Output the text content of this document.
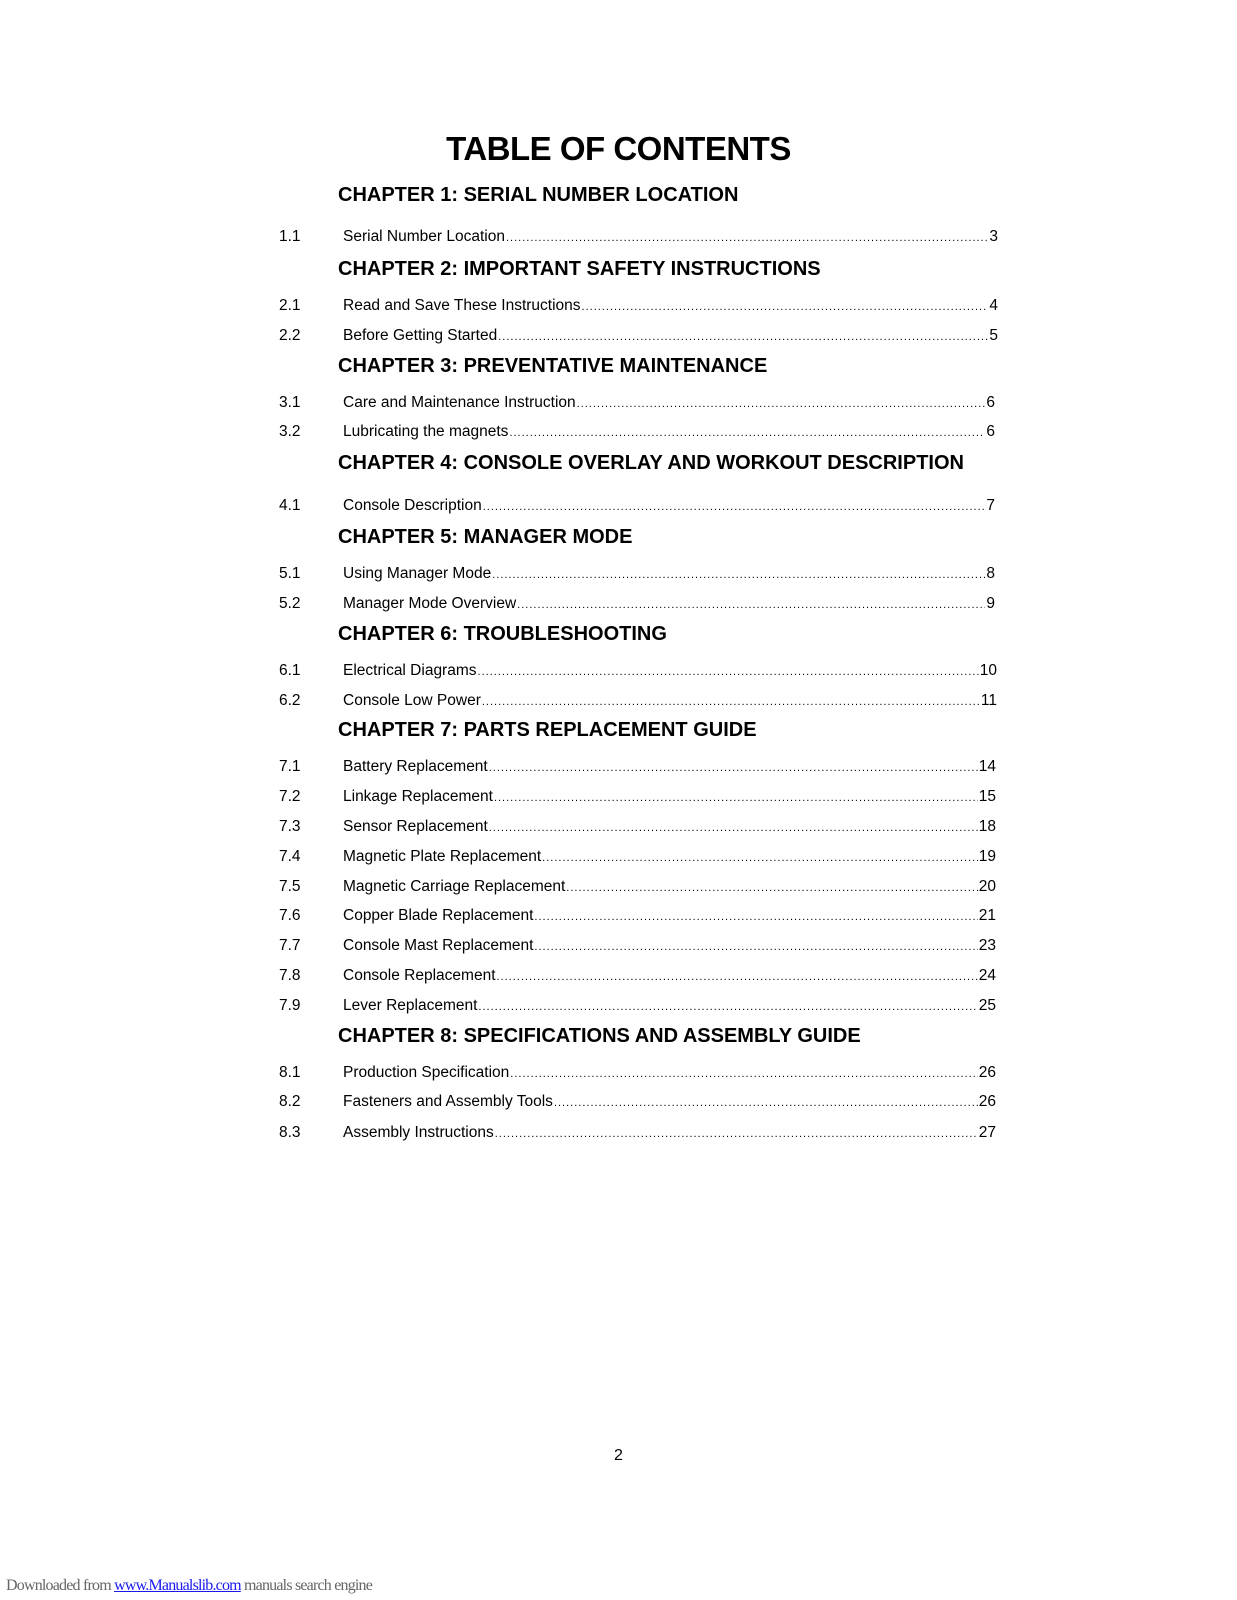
TABLE OF CONTENTS
CHAPTER 1: SERIAL NUMBER LOCATION
1.1	Serial Number Location .....	3
CHAPTER 2: IMPORTANT SAFETY INSTRUCTIONS
2.1	Read and Save These Instructions .....	4
2.2	Before Getting Started .....	5
CHAPTER 3: PREVENTATIVE MAINTENANCE
3.1	Care and Maintenance Instruction .....	6
3.2	Lubricating the magnets .....	6
CHAPTER 4: CONSOLE OVERLAY AND WORKOUT DESCRIPTION
4.1	Console Description .....	7
CHAPTER 5: MANAGER MODE
5.1	Using Manager Mode .....	8
5.2	Manager Mode Overview .....	9
CHAPTER 6: TROUBLESHOOTING
6.1	Electrical Diagrams .....	10
6.2	Console Low Power .....	11
CHAPTER 7: PARTS REPLACEMENT GUIDE
7.1	Battery Replacement .....	14
7.2	Linkage Replacement .....	15
7.3	Sensor Replacement .....	18
7.4	Magnetic Plate Replacement .....	19
7.5	Magnetic Carriage Replacement .....	20
7.6	Copper Blade Replacement .....	21
7.7	Console Mast Replacement .....	23
7.8	Console Replacement .....	24
7.9	Lever Replacement .....	25
CHAPTER 8: SPECIFICATIONS AND ASSEMBLY GUIDE
8.1	Production Specification .....	26
8.2	Fasteners and Assembly Tools .....	26
8.3	Assembly Instructions .....	27
2
Downloaded from www.Manualslib.com manuals search engine
